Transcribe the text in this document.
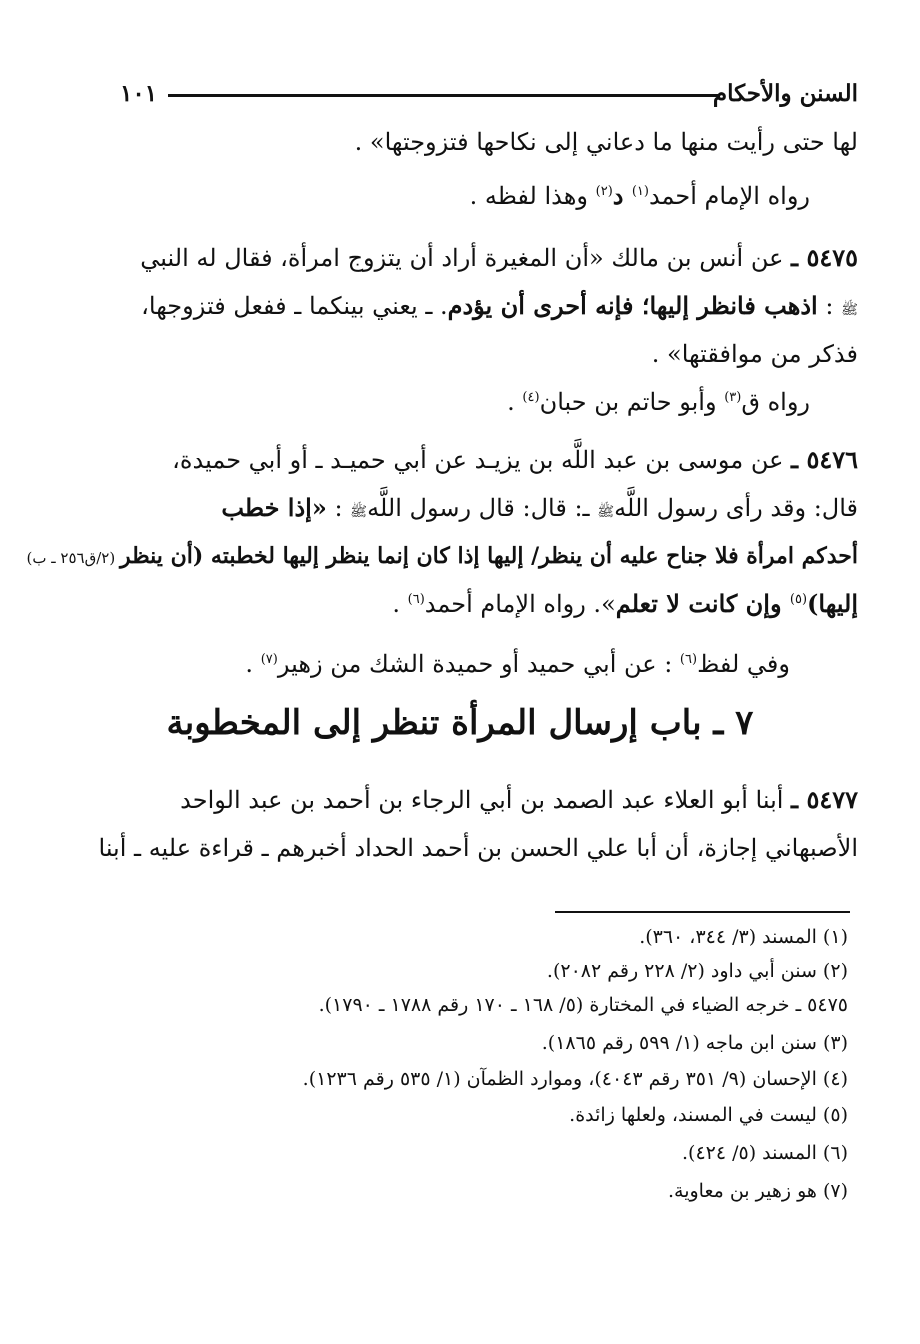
السنن والأحكام
١٠١
لها حتى رأيت منها ما دعاني إلى نكاحها فتزوجتها» .
رواه الإمام أحمد$^{(١)}$ د$^{(٢)}$ وهذا لفظه .
٥٤٧٥ ـ عن أنس بن مالك «أن المغيرة أراد أن يتزوج امرأة، فقال له النبي
ﷺ : اذهب فانظر إليها؛ فإنه أحرى أن يؤدم. ـ يعني بينكما ـ ففعل فتزوجها،
فذكر من موافقتها» .
رواه ق$^{(٣)}$ وأبو حاتم بن حبان$^{(٤)}$ .
٥٤٧٦ ـ عن موسى بن عبد اللَّه بن يزيـد عن أبي حميـد ـ أو أبي حميدة،
قال: وقد رأى رسول اللَّهﷺ ـ: قال: قال رسول اللَّهﷺ : «إذا خطب
أحدكم امرأة فلا جناح عليه أن ينظر/ إليها إذا كان إنما ينظر إليها لخطبته (أن ينظر (٢/ق٢٥٦ ـ ب)
إليها)$^{(٥)}$ وإن كانت لا تعلم». رواه الإمام أحمد$^{(٦)}$ .
وفي لفظ$^{(٦)}$ : عن أبي حميد أو حميدة الشك من زهير$^{(٧)}$ .
٧ ـ باب إرسال المرأة تنظر إلى المخطوبة
٥٤٧٧ ـ أبنا أبو العلاء عبد الصمد بن أبي الرجاء بن أحمد بن عبد الواحد
الأصبهاني إجازة، أن أبا علي الحسن بن أحمد الحداد أخبرهم ـ قراءة عليه ـ أبنا
(١) المسند (٣/ ٣٤٤، ٣٦٠).
(٢) سنن أبي داود (٢/ ٢٢٨ رقم ٢٠٨٢).
٥٤٧٥ ـ خرجه الضياء في المختارة (٥/ ١٦٨ ـ ١٧٠ رقم ١٧٨٨ ـ ١٧٩٠).
(٣) سنن ابن ماجه (١/ ٥٩٩ رقم ١٨٦٥).
(٤) الإحسان (٩/ ٣٥١ رقم ٤٠٤٣)، وموارد الظمآن (١/ ٥٣٥ رقم ١٢٣٦).
(٥) ليست في المسند، ولعلها زائدة.
(٦) المسند (٥/ ٤٢٤).
(٧) هو زهير بن معاوية.
